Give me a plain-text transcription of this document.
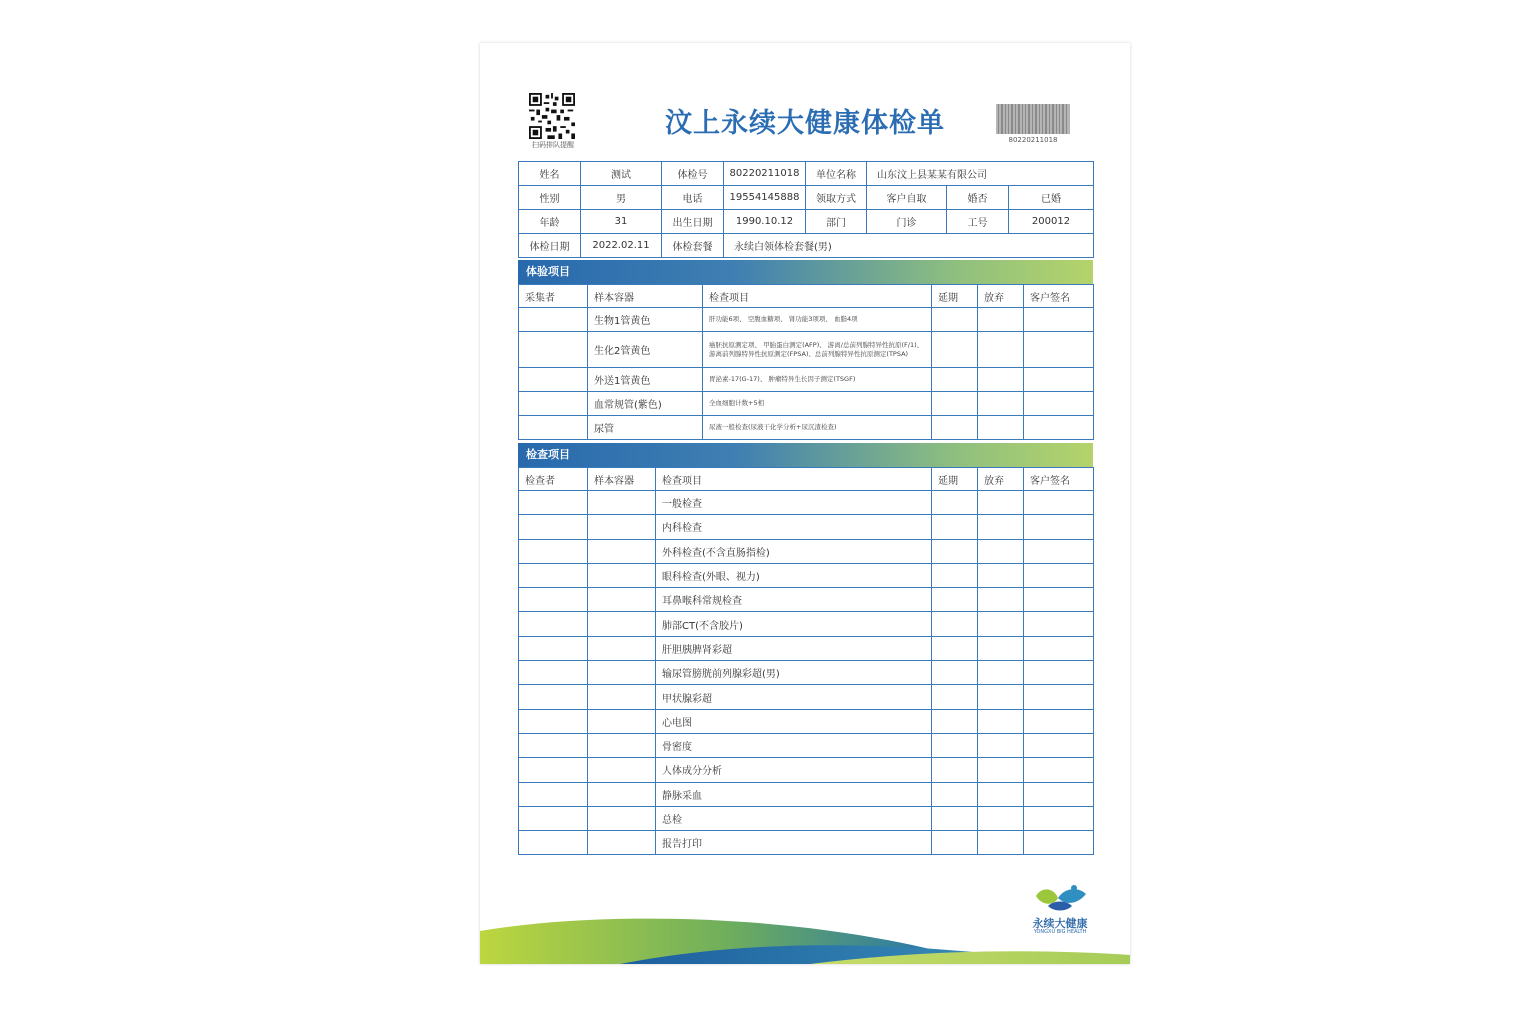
扫码排队提醒
汶上永续大健康体检单
80220211018
姓名	测试	体检号	80220211018	单位名称	山东汶上县某某有限公司		
性别	男	电话	19554145888	领取方式	客户自取	婚否	已婚
年龄	31	出生日期	1990.10.12	部门	门诊	工号	200012
体检日期	2022.02.11	体检套餐	永续白领体检套餐(男)				
体验项目
采集者	样本容器	检查项目	延期	放弃	客户签名
	生物1管黄色	肝功能6项、 空腹血糖项、 肾功能3项项、 血脂4项			
	生化2管黄色	癌胚抗原测定项、 甲胎蛋白测定(AFP)、 游离/总前列腺特异性抗原(F/1)、游离前列腺特异性抗原测定(FPSA)、总前列腺特异性抗原测定(TPSA)			
	外送1管黄色	胃泌素-17(G-17)、 肿瘤特异生长因子测定(TSGF)			
	血常规管(紫色)	全血细胞计数+5相			
	尿管	尿液一般检查(尿液干化学分析+尿沉渣检查)			
检查项目
检查者	样本容器	检查项目	延期	放弃	客户签名
		一般检查			
		内科检查			
		外科检查(不含直肠指检)			
		眼科检查(外眼、视力)			
		耳鼻喉科常规检查			
		肺部CT(不含胶片)			
		肝胆胰脾肾彩超			
		输尿管膀胱前列腺彩超(男)			
		甲状腺彩超			
		心电图			
		骨密度			
		人体成分分析			
		静脉采血			
		总检			
		报告打印			
永续大健康
YONGXU BIG HEALTH
